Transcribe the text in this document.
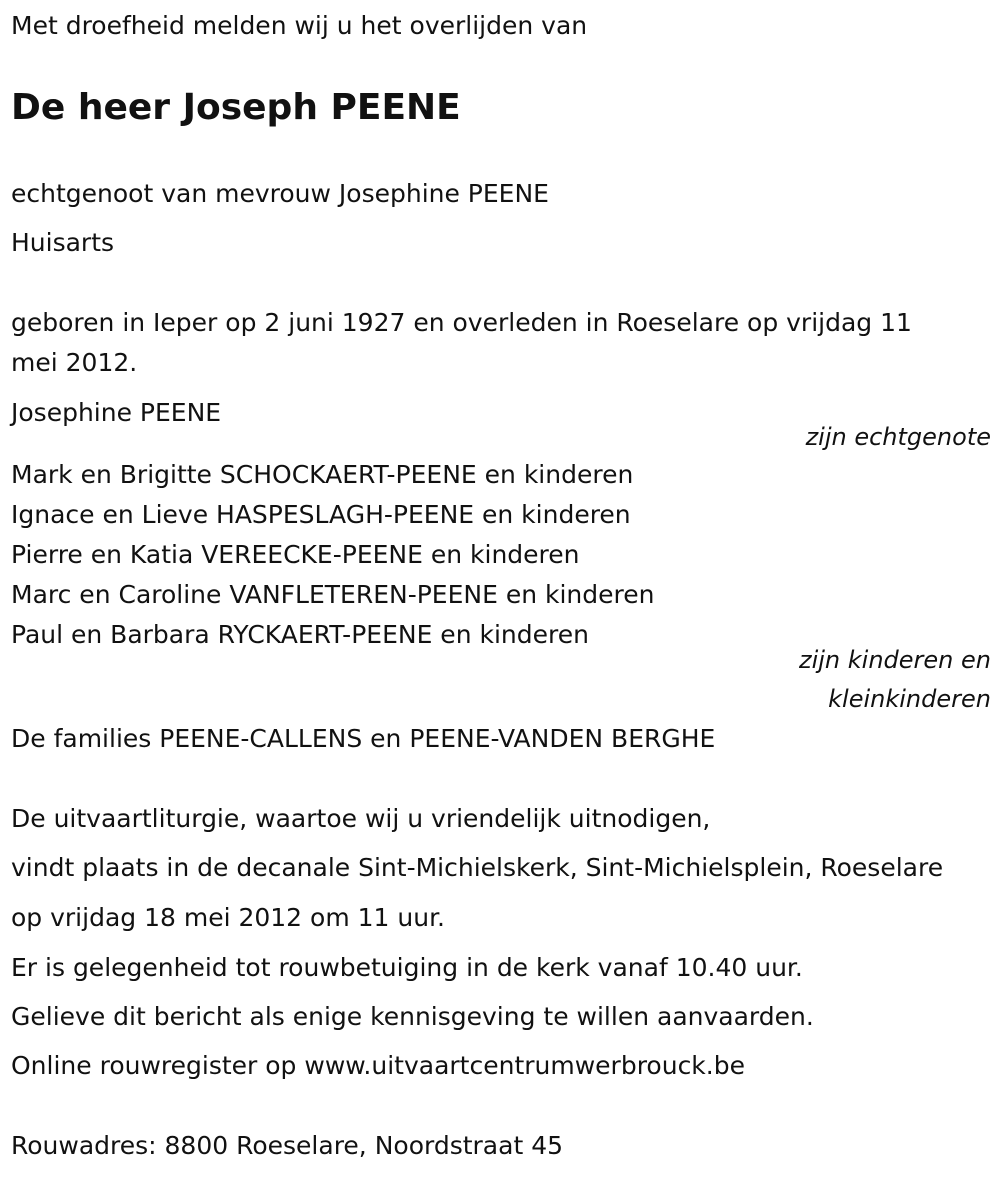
Met droefheid melden wij u het overlijden van
De heer Joseph PEENE
echtgenoot van mevrouw Josephine PEENE
Huisarts
geboren in Ieper op 2 juni 1927 en overleden in Roeselare op vrijdag 11
mei 2012.
Josephine PEENE
zijn echtgenote
Mark en Brigitte SCHOCKAERT-PEENE en kinderen
Ignace en Lieve HASPESLAGH-PEENE en kinderen
Pierre en Katia VEREECKE-PEENE en kinderen
Marc en Caroline VANFLETEREN-PEENE en kinderen
Paul en Barbara RYCKAERT-PEENE en kinderen
zijn kinderen en
kleinkinderen
De families PEENE-CALLENS en PEENE-VANDEN BERGHE
De uitvaartliturgie, waartoe wij u vriendelijk uitnodigen,
vindt plaats in de decanale Sint-Michielskerk, Sint-Michielsplein, Roeselare
op vrijdag 18 mei 2012 om 11 uur.
Er is gelegenheid tot rouwbetuiging in de kerk vanaf 10.40 uur.
Gelieve dit bericht als enige kennisgeving te willen aanvaarden.
Online rouwregister op www.uitvaartcentrumwerbrouck.be
Rouwadres: 8800 Roeselare, Noordstraat 45
